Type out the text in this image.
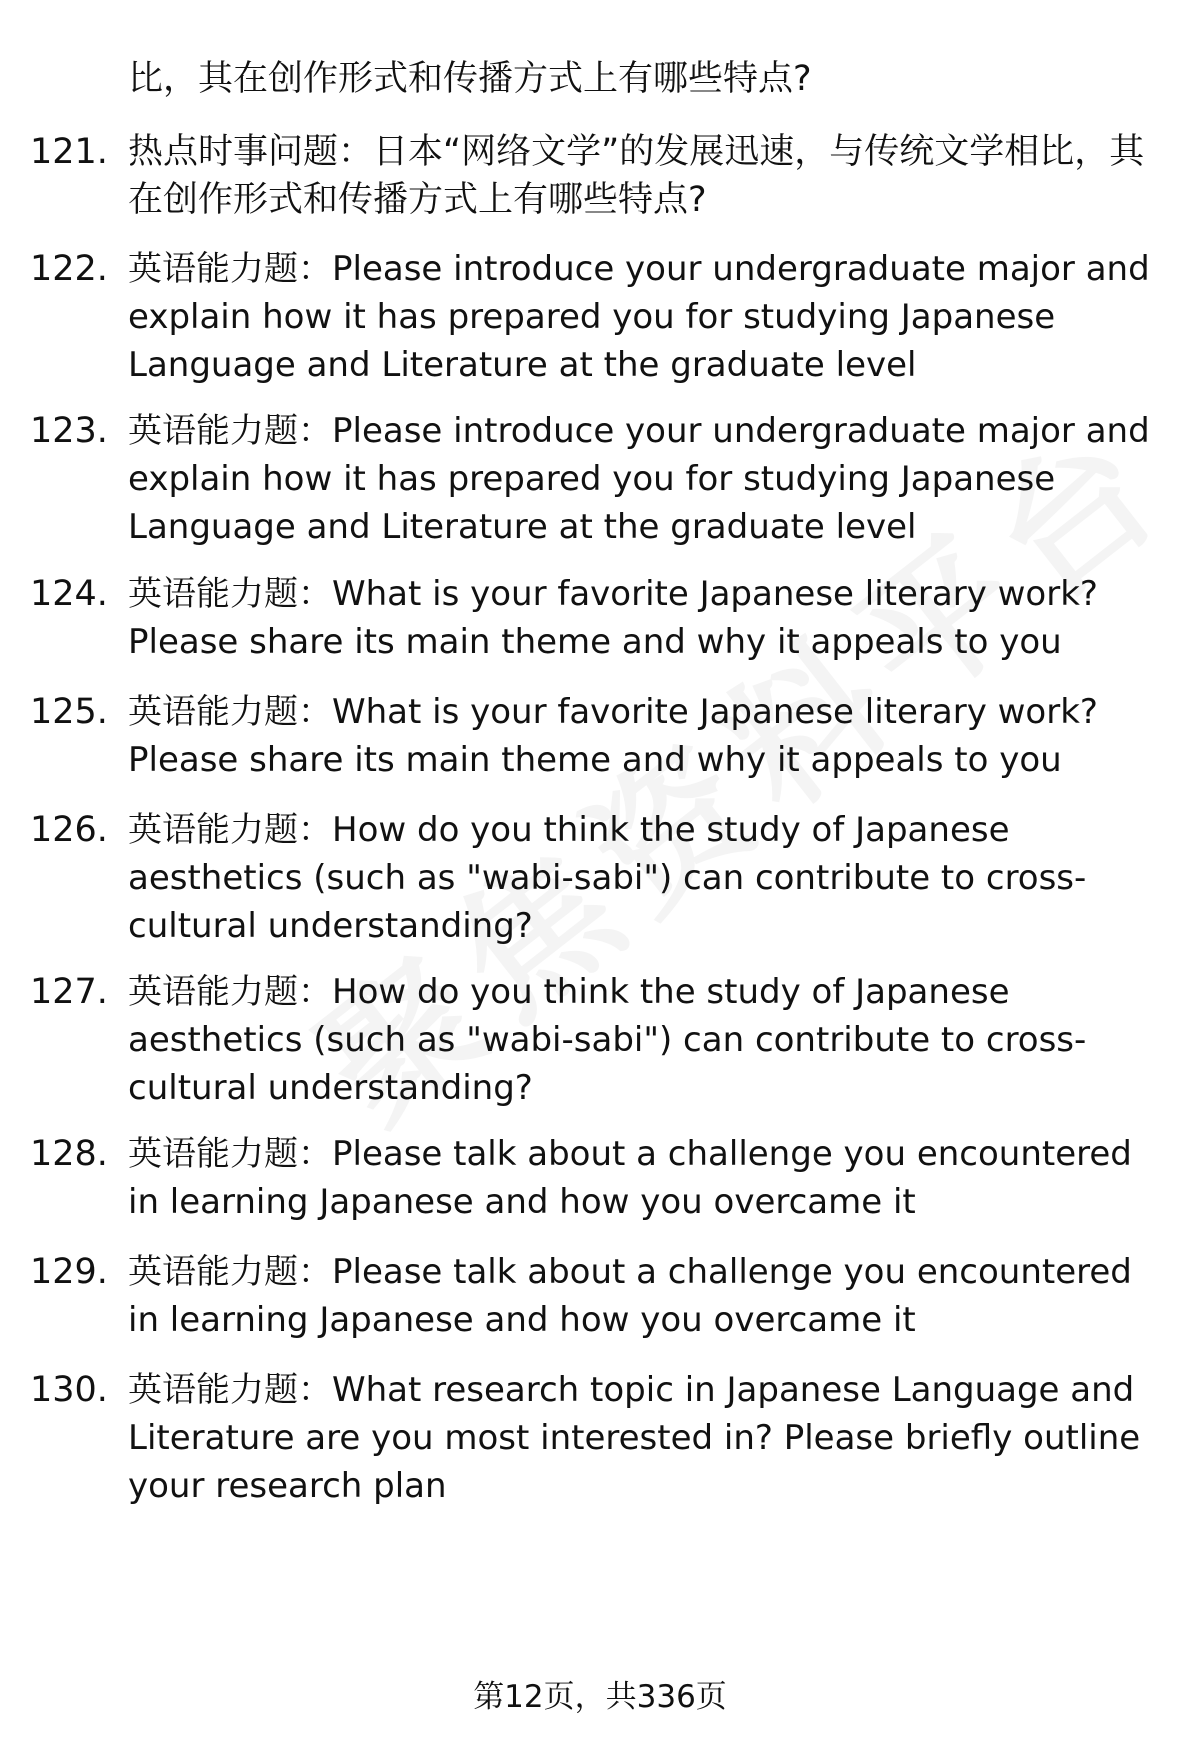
比，其在创作形式和传播方式上有哪些特点?
121. 热点时事问题：日本“网络文学”的发展迅速，与传统文学相比，其在创作形式和传播方式上有哪些特点?
122. 英语能力题：Please introduce your undergraduate major and explain how it has prepared you for studying Japanese Language and Literature at the graduate level
123. 英语能力题：Please introduce your undergraduate major and explain how it has prepared you for studying Japanese Language and Literature at the graduate level
124. 英语能力题：What is your favorite Japanese literary work? Please share its main theme and why it appeals to you
125. 英语能力题：What is your favorite Japanese literary work? Please share its main theme and why it appeals to you
126. 英语能力题：How do you think the study of Japanese aesthetics (such as "wabi-sabi") can contribute to cross-cultural understanding?
127. 英语能力题：How do you think the study of Japanese aesthetics (such as "wabi-sabi") can contribute to cross-cultural understanding?
128. 英语能力题：Please talk about a challenge you encountered in learning Japanese and how you overcame it
129. 英语能力题：Please talk about a challenge you encountered in learning Japanese and how you overcame it
130. 英语能力题：What research topic in Japanese Language and Literature are you most interested in? Please briefly outline your research plan
第12页，共336页
